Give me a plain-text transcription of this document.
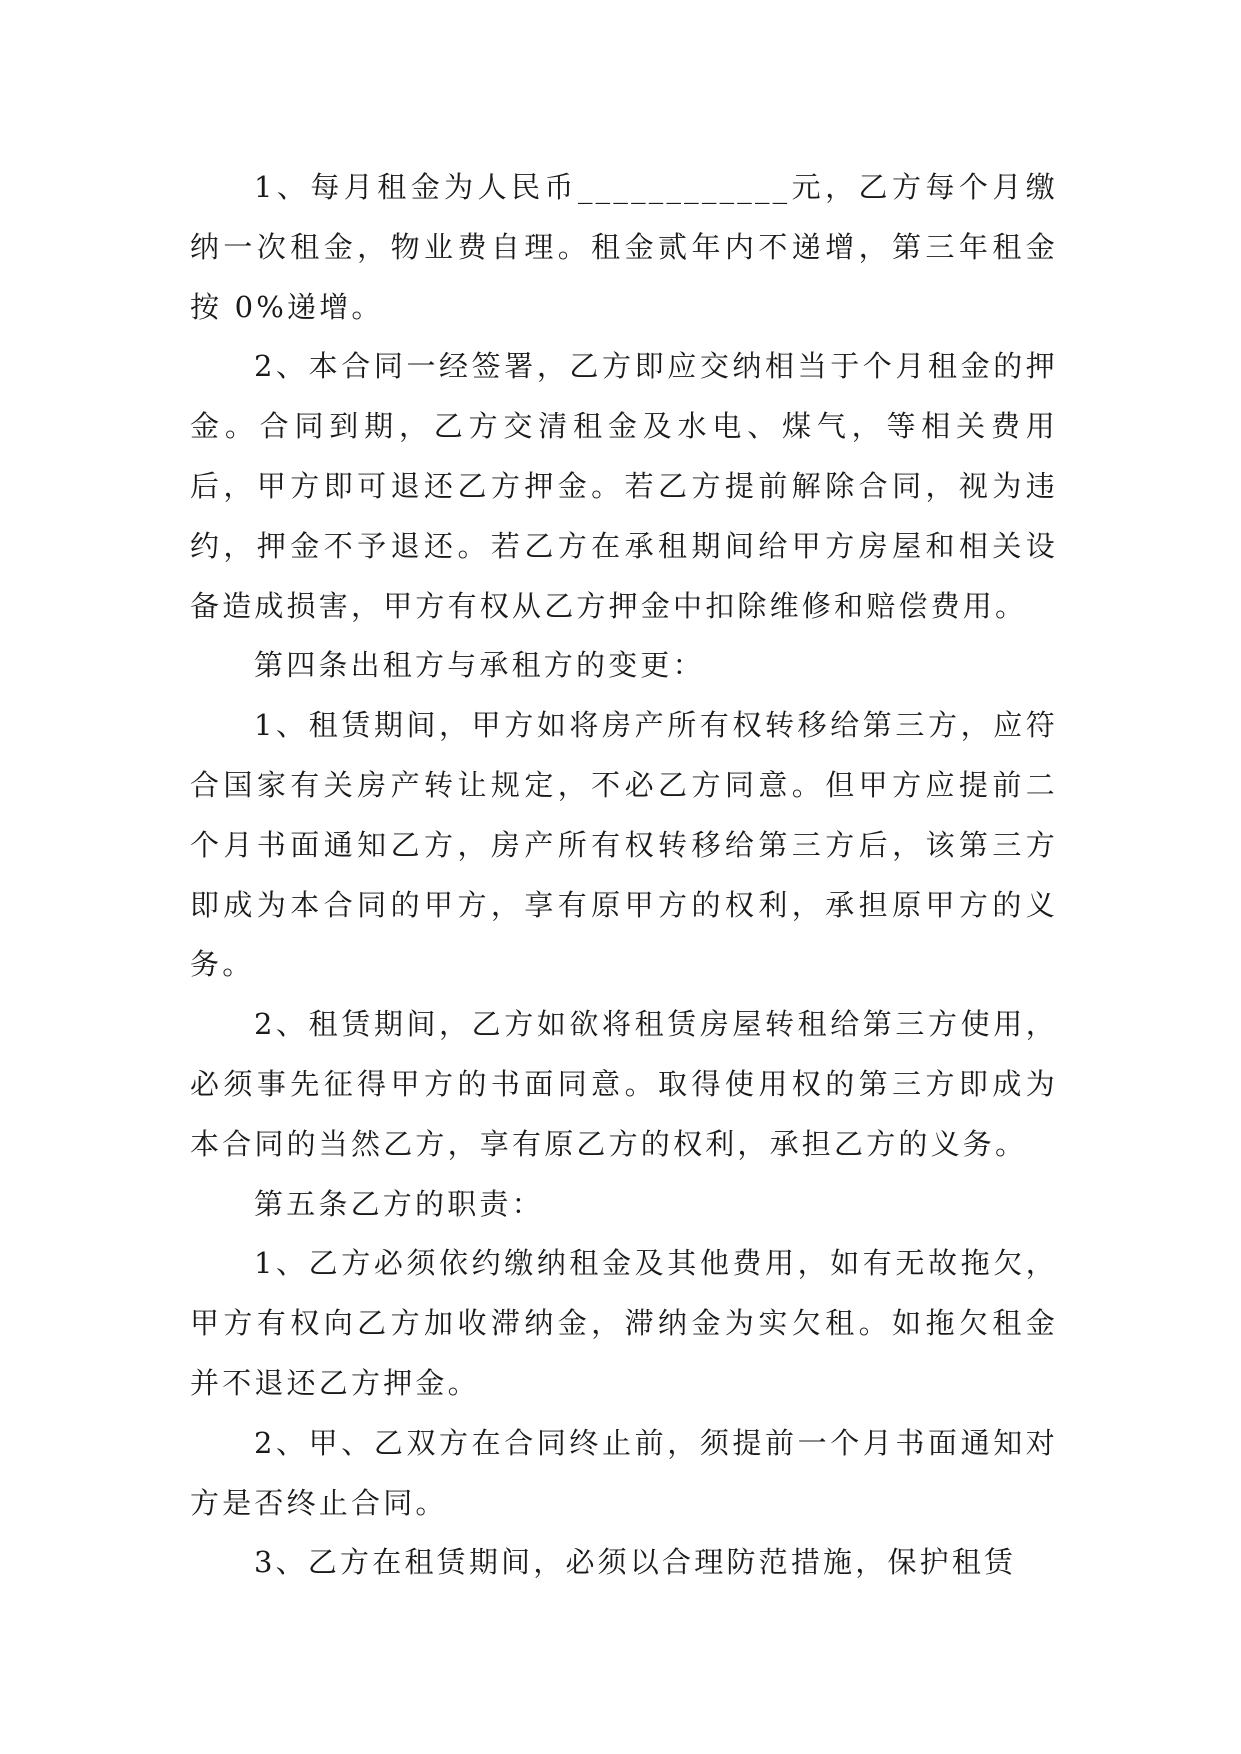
1、每月租金为人民币____________元，乙方每个月缴纳一次租金，物业费自理。租金贰年内不递增，第三年租金按 0%递增。

2、本合同一经签署，乙方即应交纳相当于个月租金的押金。合同到期，乙方交清租金及水电、煤气，等相关费用后，甲方即可退还乙方押金。若乙方提前解除合同，视为违约，押金不予退还。若乙方在承租期间给甲方房屋和相关设备造成损害，甲方有权从乙方押金中扣除维修和赔偿费用。

第四条出租方与承租方的变更：

1、租赁期间，甲方如将房产所有权转移给第三方，应符合国家有关房产转让规定，不必乙方同意。但甲方应提前二个月书面通知乙方，房产所有权转移给第三方后，该第三方即成为本合同的甲方，享有原甲方的权利，承担原甲方的义务。

2、租赁期间，乙方如欲将租赁房屋转租给第三方使用，必须事先征得甲方的书面同意。取得使用权的第三方即成为本合同的当然乙方，享有原乙方的权利，承担乙方的义务。

第五条乙方的职责：

1、乙方必须依约缴纳租金及其他费用，如有无故拖欠，甲方有权向乙方加收滞纳金，滞纳金为实欠租。如拖欠租金并不退还乙方押金。

2、甲、乙双方在合同终止前，须提前一个月书面通知对方是否终止合同。

3、乙方在租赁期间，必须以合理防范措施，保护租赁
